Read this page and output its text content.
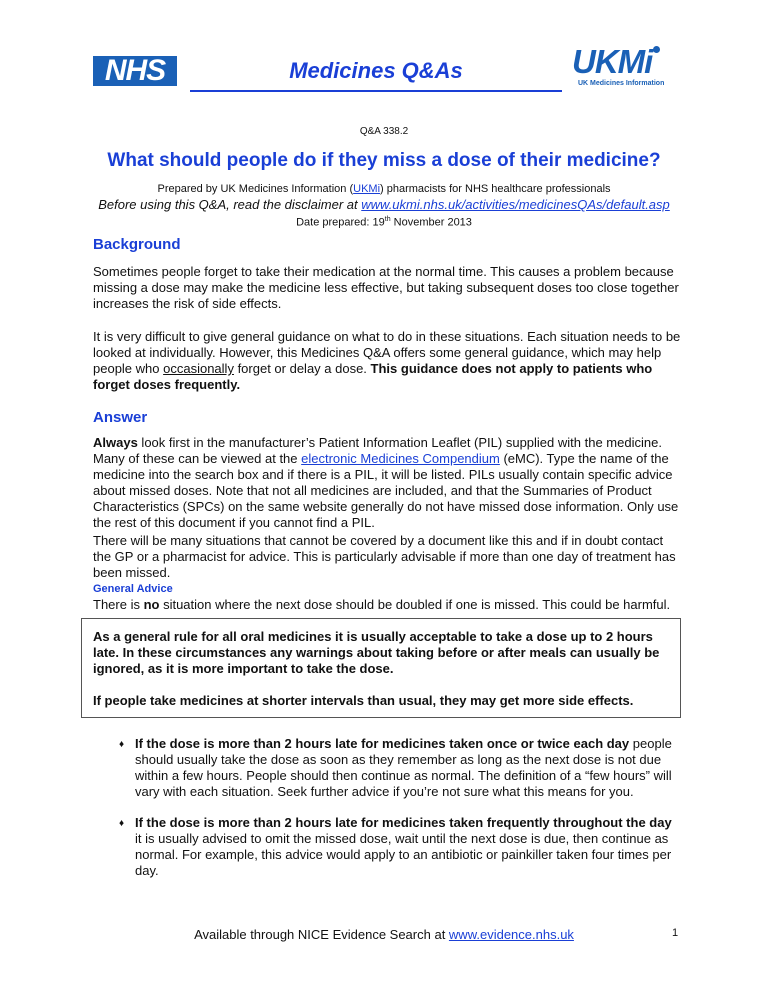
NHS	Medicines Q&As	UKMi
UK Medicines Information
Q&A 338.2
What should people do if they miss a dose of their medicine?
Prepared by UK Medicines Information (UKMi) pharmacists for NHS healthcare professionals
Before using this Q&A, read the disclaimer at www.ukmi.nhs.uk/activities/medicinesQAs/default.asp
Date prepared: 19th November 2013
Background

Sometimes people forget to take their medication at the normal time. This causes a problem because missing a dose may make the medicine less effective, but taking subsequent doses too close together increases the risk of side effects.

It is very difficult to give general guidance on what to do in these situations. Each situation needs to be looked at individually. However, this Medicines Q&A offers some general guidance, which may help people who occasionally forget or delay a dose. This guidance does not apply to patients who forget doses frequently.

Answer

Always look first in the manufacturer’s Patient Information Leaflet (PIL) supplied with the medicine. Many of these can be viewed at the electronic Medicines Compendium (eMC). Type the name of the medicine into the search box and if there is a PIL, it will be listed. PILs usually contain specific advice about missed doses. Note that not all medicines are included, and that the Summaries of Product Characteristics (SPCs) on the same website generally do not have missed dose information. Only use the rest of this document if you cannot find a PIL.

There will be many situations that cannot be covered by a document like this and if in doubt contact the GP or a pharmacist for advice. This is particularly advisable if more than one day of treatment has been missed.

General Advice

There is no situation where the next dose should be doubled if one is missed. This could be harmful.

As a general rule for all oral medicines it is usually acceptable to take a dose up to 2 hours late. In these circumstances any warnings about taking before or after meals can usually be ignored, as it is more important to take the dose.

If people take medicines at shorter intervals than usual, they may get more side effects.

♦ If the dose is more than 2 hours late for medicines taken once or twice each day people should usually take the dose as soon as they remember as long as the next dose is not due within a few hours. People should then continue as normal. The definition of a “few hours” will vary with each situation. Seek further advice if you’re not sure what this means for you.
♦ If the dose is more than 2 hours late for medicines taken frequently throughout the day it is usually advised to omit the missed dose, wait until the next dose is due, then continue as normal. For example, this advice would apply to an antibiotic or painkiller taken four times per day.
Available through NICE Evidence Search at www.evidence.nhs.uk	1
